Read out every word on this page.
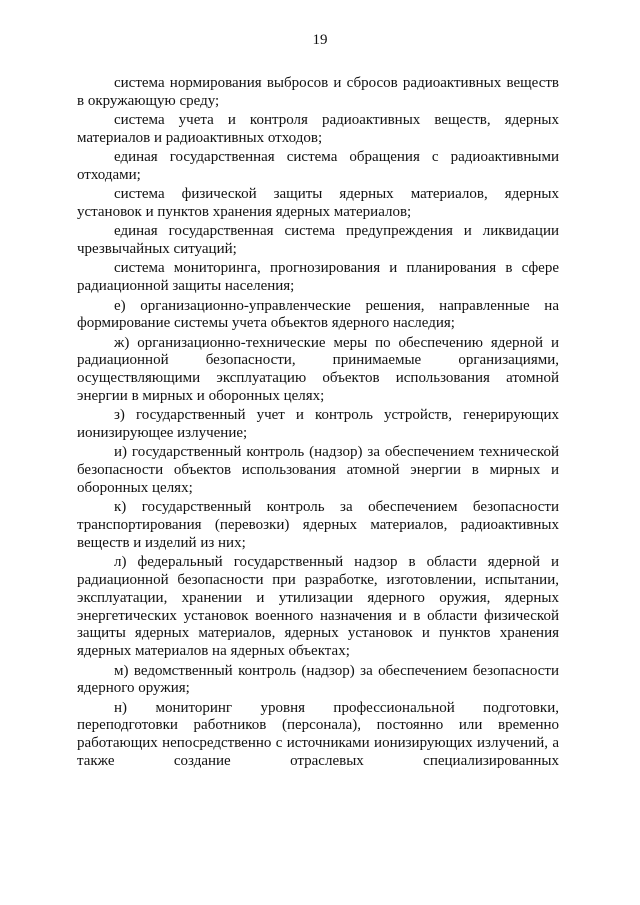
19

система нормирования выбросов и сбросов радиоактивных веществ в окружающую среду;

система учета и контроля радиоактивных веществ, ядерных материалов и радиоактивных отходов;

единая государственная система обращения с радиоактивными отходами;

система физической защиты ядерных материалов, ядерных установок и пунктов хранения ядерных материалов;

единая государственная система предупреждения и ликвидации чрезвычайных ситуаций;

система мониторинга, прогнозирования и планирования в сфере радиационной защиты населения;

е) организационно-управленческие решения, направленные на формирование системы учета объектов ядерного наследия;

ж) организационно-технические меры по обеспечению ядерной и радиационной безопасности, принимаемые организациями, осуществляющими эксплуатацию объектов использования атомной энергии в мирных и оборонных целях;

з) государственный учет и контроль устройств, генерирующих ионизирующее излучение;

и) государственный контроль (надзор) за обеспечением технической безопасности объектов использования атомной энергии в мирных и оборонных целях;

к) государственный контроль за обеспечением безопасности транспортирования (перевозки) ядерных материалов, радиоактивных веществ и изделий из них;

л) федеральный государственный надзор в области ядерной и радиационной безопасности при разработке, изготовлении, испытании, эксплуатации, хранении и утилизации ядерного оружия, ядерных энергетических установок военного назначения и в области физической защиты ядерных материалов, ядерных установок и пунктов хранения ядерных материалов на ядерных объектах;

м) ведомственный контроль (надзор) за обеспечением безопасности ядерного оружия;

н) мониторинг уровня профессиональной подготовки, переподготовки работников (персонала), постоянно или временно работающих непосредственно с источниками ионизирующих излучений, а также создание отраслевых специализированных
